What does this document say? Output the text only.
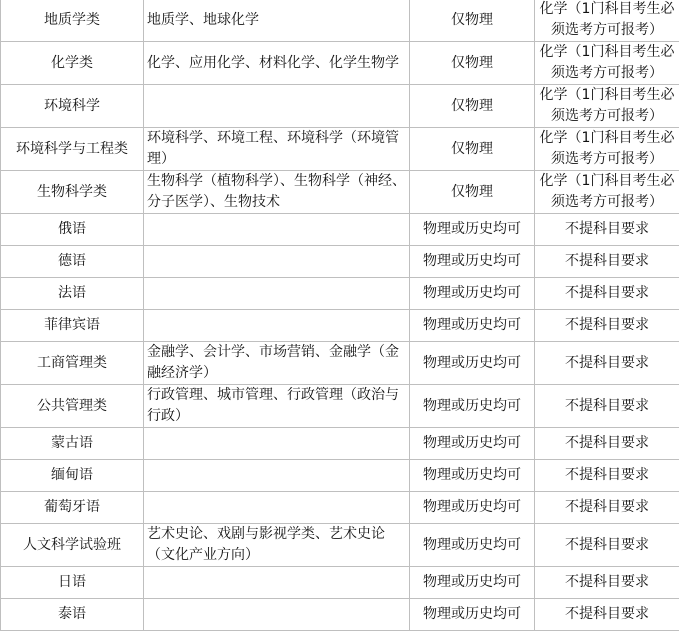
地质学类	地质学、地球化学	仅物理	化学（1门科目考生必须选考方可报考）
化学类	化学、应用化学、材料化学、化学生物学	仅物理	化学（1门科目考生必须选考方可报考）
环境科学		仅物理	化学（1门科目考生必须选考方可报考）
环境科学与工程类	环境科学、环境工程、环境科学（环境管理）	仅物理	化学（1门科目考生必须选考方可报考）
生物科学类	生物科学（植物科学）、生物科学（神经、分子医学）、生物技术	仅物理	化学（1门科目考生必须选考方可报考）
俄语		物理或历史均可	不提科目要求
德语		物理或历史均可	不提科目要求
法语		物理或历史均可	不提科目要求
菲律宾语		物理或历史均可	不提科目要求
工商管理类	金融学、会计学、市场营销、金融学（金融经济学）	物理或历史均可	不提科目要求
公共管理类	行政管理、城市管理、行政管理（政治与行政）	物理或历史均可	不提科目要求
蒙古语		物理或历史均可	不提科目要求
缅甸语		物理或历史均可	不提科目要求
葡萄牙语		物理或历史均可	不提科目要求
人文科学试验班	艺术史论、戏剧与影视学类、艺术史论（文化产业方向）	物理或历史均可	不提科目要求
日语		物理或历史均可	不提科目要求
泰语		物理或历史均可	不提科目要求
